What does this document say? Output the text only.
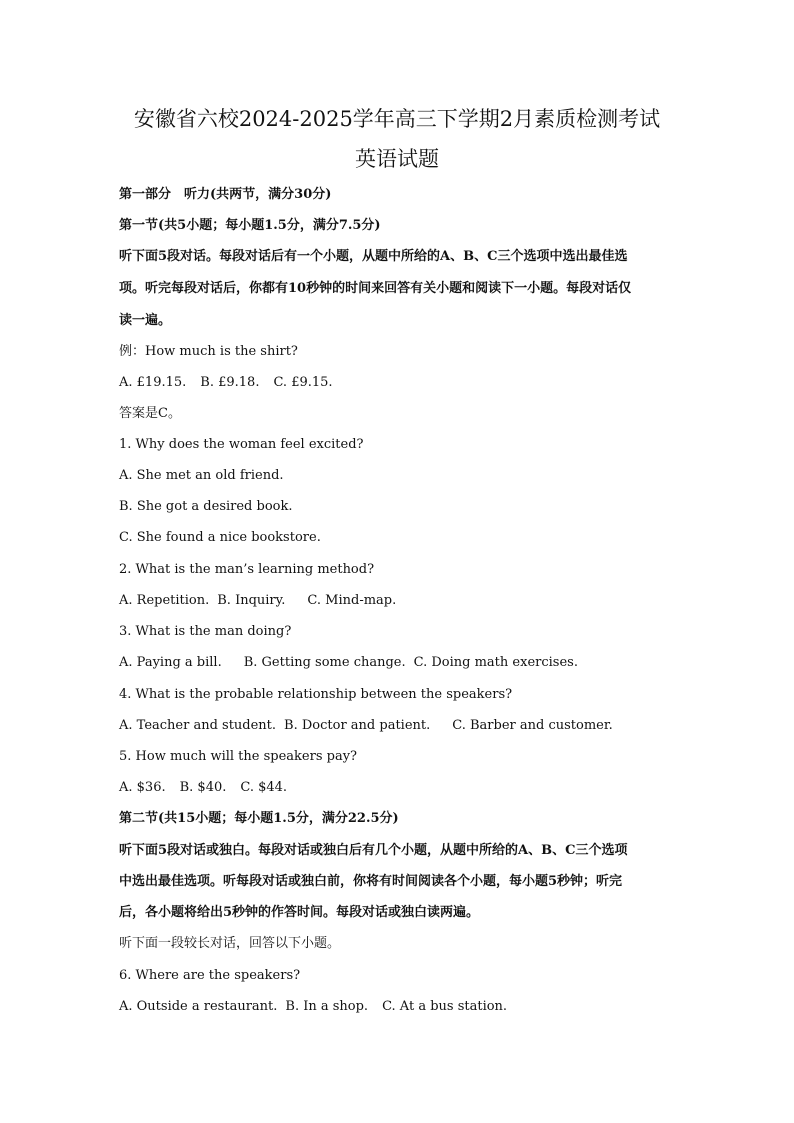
安徽省六校2024-2025学年高三下学期2月素质检测考试
英语试题
第一部分　听力(共两节，满分30分)
第一节(共5小题；每小题1.5分，满分7.5分)
听下面5段对话。每段对话后有一个小题，从题中所给的A、B、C三个选项中选出最佳选
项。听完每段对话后，你都有10秒钟的时间来回答有关小题和阅读下一小题。每段对话仅
读一遍。
例：How much is the shirt?
A. £19.15. B. £9.18. C. £9.15.
答案是C。
1. Why does the woman feel excited?
A. She met an old friend.
B. She got a desired book.
C. She found a nice bookstore.
2. What is the man’s learning method?
A. Repetition. B. Inquiry. C. Mind-map.
3. What is the man doing?
A. Paying a bill. B. Getting some change. C. Doing math exercises.
4. What is the probable relationship between the speakers?
A. Teacher and student. B. Doctor and patient. C. Barber and customer.
5. How much will the speakers pay?
A. $36. B. $40. C. $44.
第二节(共15小题；每小题1.5分，满分22.5分)
听下面5段对话或独白。每段对话或独白后有几个小题，从题中所给的A、B、C三个选项
中选出最佳选项。听每段对话或独白前，你将有时间阅读各个小题，每小题5秒钟；听完
后，各小题将给出5秒钟的作答时间。每段对话或独白读两遍。
听下面一段较长对话，回答以下小题。
6. Where are the speakers?
A. Outside a restaurant. B. In a shop. C. At a bus station.
